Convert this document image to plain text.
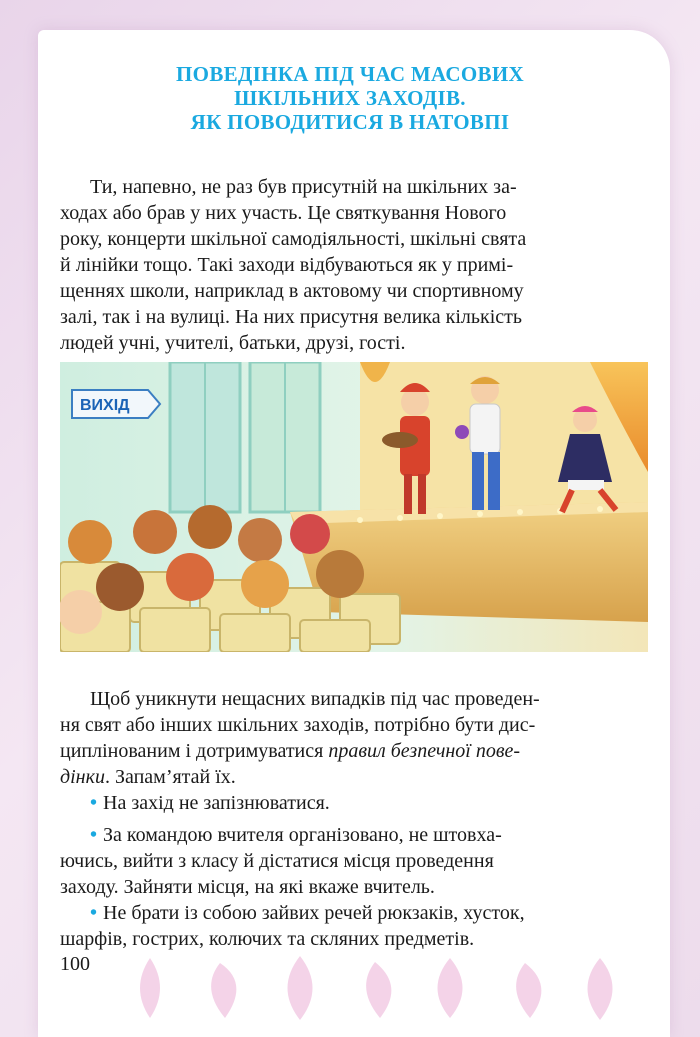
ПОВЕДІНКА ПІД ЧАС МАСОВИХ
ШКІЛЬНИХ ЗАХОДІВ.
ЯК ПОВОДИТИСЯ В НАТОВПІ
Ти, напевно, не раз був присутній на шкільних за-
ходах або брав у них участь. Це святкування Нового
року, концерти шкільної самодіяльності, шкільні свята
й лінійки тощо. Такі заходи відбуваються як у примі-
щеннях школи, наприклад в актовому чи спортивному
залі, так і на вулиці. На них присутня велика кількість
людей учні, учителі, батьки, друзі, гості.
ВИХІД
Щоб уникнути нещасних випадків під час проведен-
ня свят або інших шкільних заходів, потрібно бути дис-
циплінованим і дотримуватися правил безпечної пове-
дінки. Запам’ятай їх.
• На захід не запізнюватися.
• За командою вчителя організовано, не штовха-
ючись, вийти з класу й дістатися місця проведення
заходу. Зайняти місця, на які вкаже вчитель.
• Не брати із собою зайвих речей рюкзаків, хусток,
шарфів, гострих, колючих та скляних предметів.
100
